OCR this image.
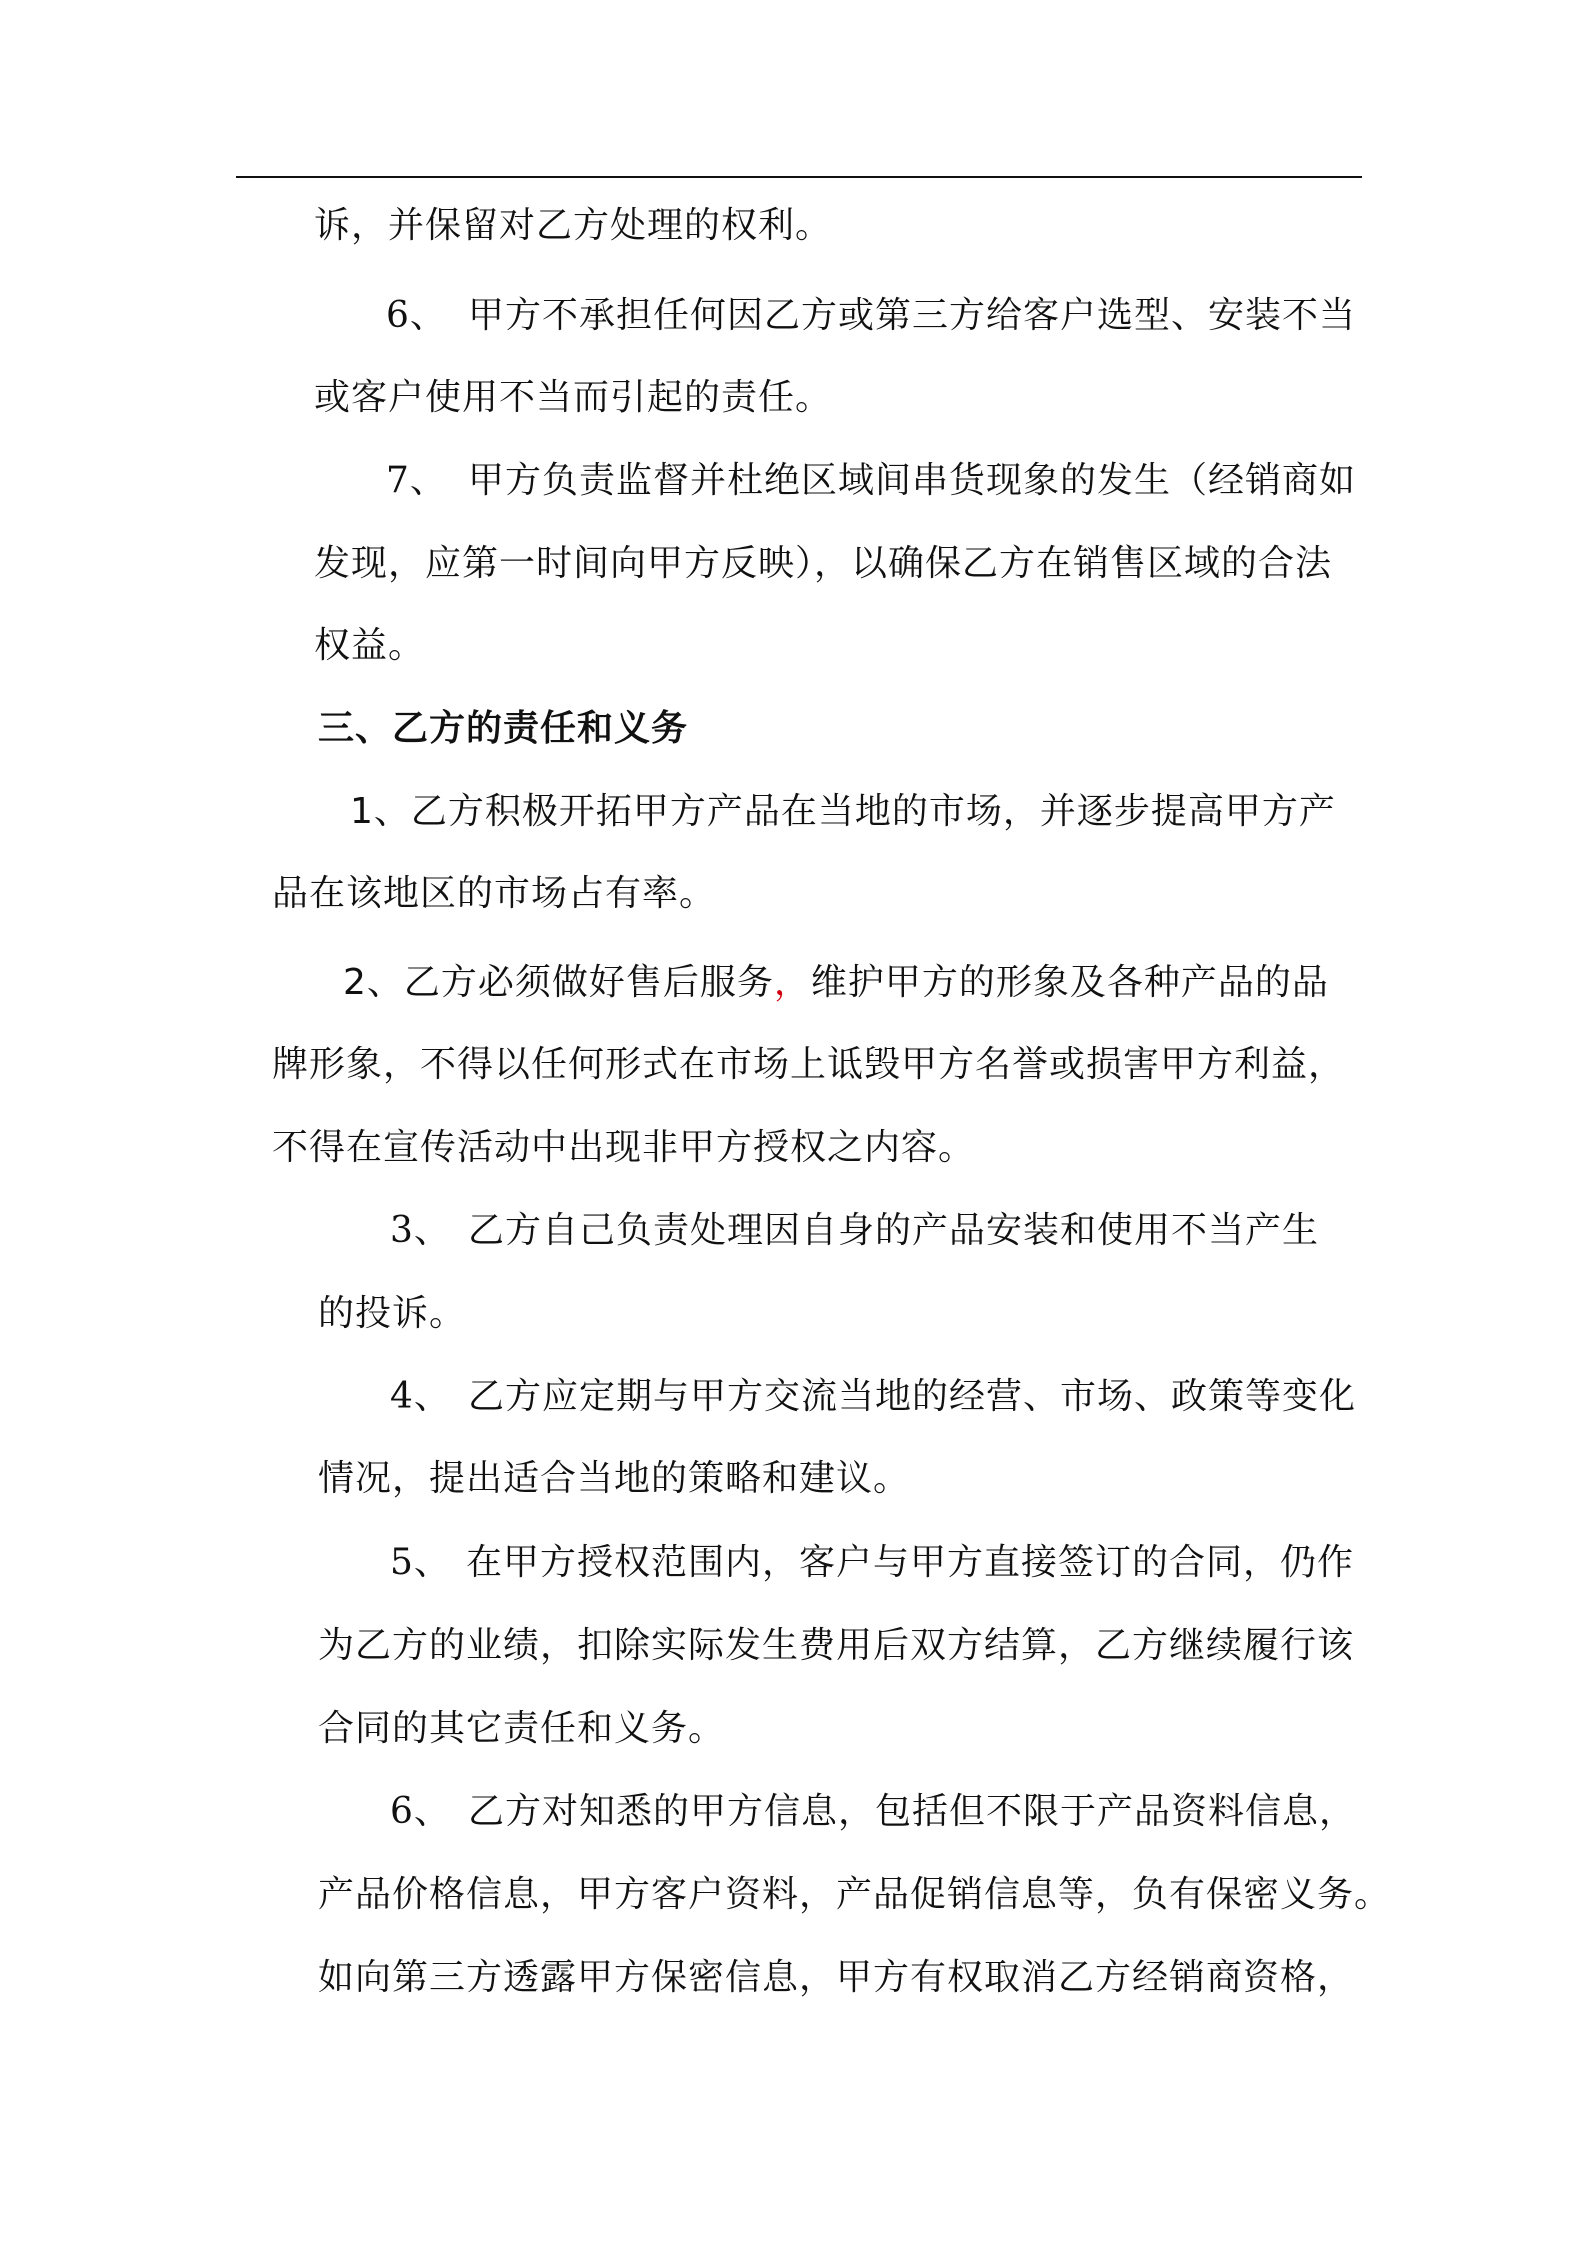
诉，并保留对乙方处理的权利。
6、 甲方不承担任何因乙方或第三方给客户选型、安装不当
或客户使用不当而引起的责任。
7、 甲方负责监督并杜绝区域间串货现象的发生（经销商如
发现，应第一时间向甲方反映），以确保乙方在销售区域的合法
权益。
三、乙方的责任和义务
1、乙方积极开拓甲方产品在当地的市场，并逐步提高甲方产
品在该地区的市场占有率。
2、乙方必须做好售后服务，维护甲方的形象及各种产品的品
牌形象，不得以任何形式在市场上诋毁甲方名誉或损害甲方利益，
不得在宣传活动中出现非甲方授权之内容。
3、 乙方自己负责处理因自身的产品安装和使用不当产生
的投诉。
4、 乙方应定期与甲方交流当地的经营、市场、政策等变化
情况，提出适合当地的策略和建议。
5、 在甲方授权范围内，客户与甲方直接签订的合同，仍作
为乙方的业绩，扣除实际发生费用后双方结算，乙方继续履行该
合同的其它责任和义务。
6、 乙方对知悉的甲方信息，包括但不限于产品资料信息，
产品价格信息，甲方客户资料，产品促销信息等，负有保密义务。
如向第三方透露甲方保密信息，甲方有权取消乙方经销商资格，
